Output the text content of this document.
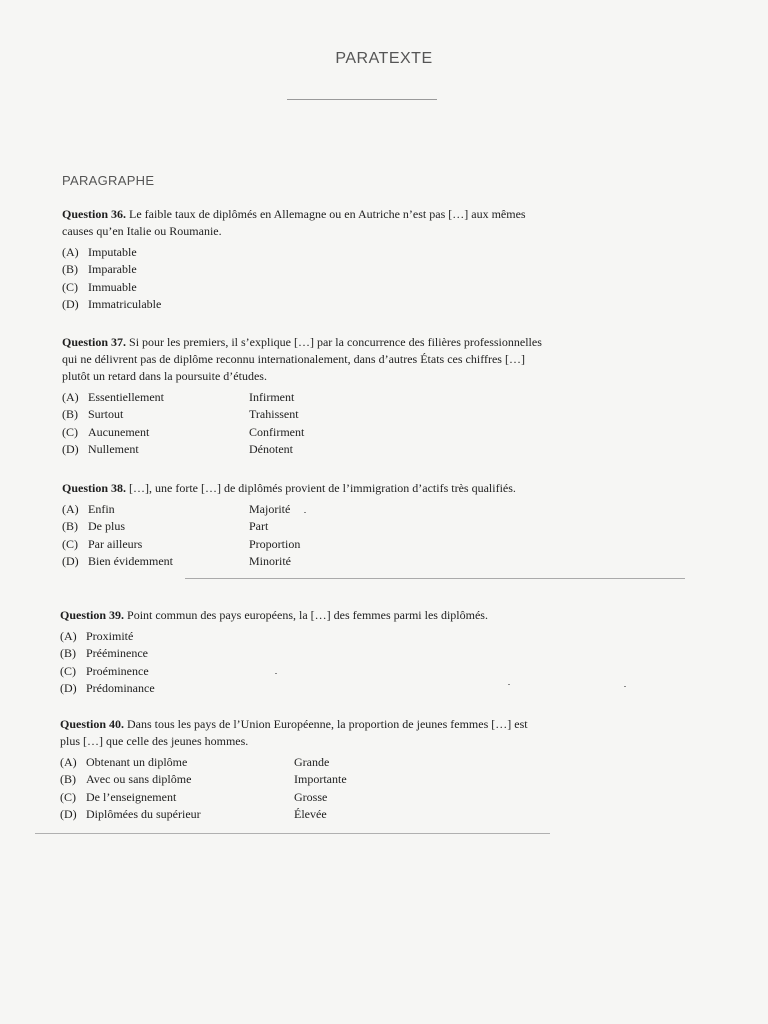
PARATEXTE
PARAGRAPHE

Question 36. Le faible taux de diplômés en Allemagne ou en Autriche n’est pas […] aux mêmes causes qu’en Italie ou Roumanie.

(A) Imputable
(B) Imparable
(C) Immuable
(D) Immatriculable

Question 37. Si pour les premiers, il s’explique […] par la concurrence des filières professionnelles qui ne délivrent pas de diplôme reconnu internationalement, dans d’autres États ces chiffres […] plutôt un retard dans la poursuite d’études.

(A) Essentiellement	Infirment
(B) Surtout	Trahissent
(C) Aucunement	Confirment
(D) Nullement	Dénotent

Question 38. […], une forte […] de diplômés provient de l’immigration d’actifs très qualifiés.

(A) Enfin	Majorité
(B) De plus	Part
(C) Par ailleurs	Proportion
(D) Bien évidemment	Minorité

Question 39. Point commun des pays européens, la […] des femmes parmi les diplômés.

(A) Proximité
(B) Prééminence
(C) Proéminence
(D) Prédominance

Question 40. Dans tous les pays de l’Union Européenne, la proportion de jeunes femmes […] est plus […] que celle des jeunes hommes.

(A) Obtenant un diplôme	Grande
(B) Avec ou sans diplôme	Importante
(C) De l’enseignement	Grosse
(D) Diplômées du supérieur	Élevée
